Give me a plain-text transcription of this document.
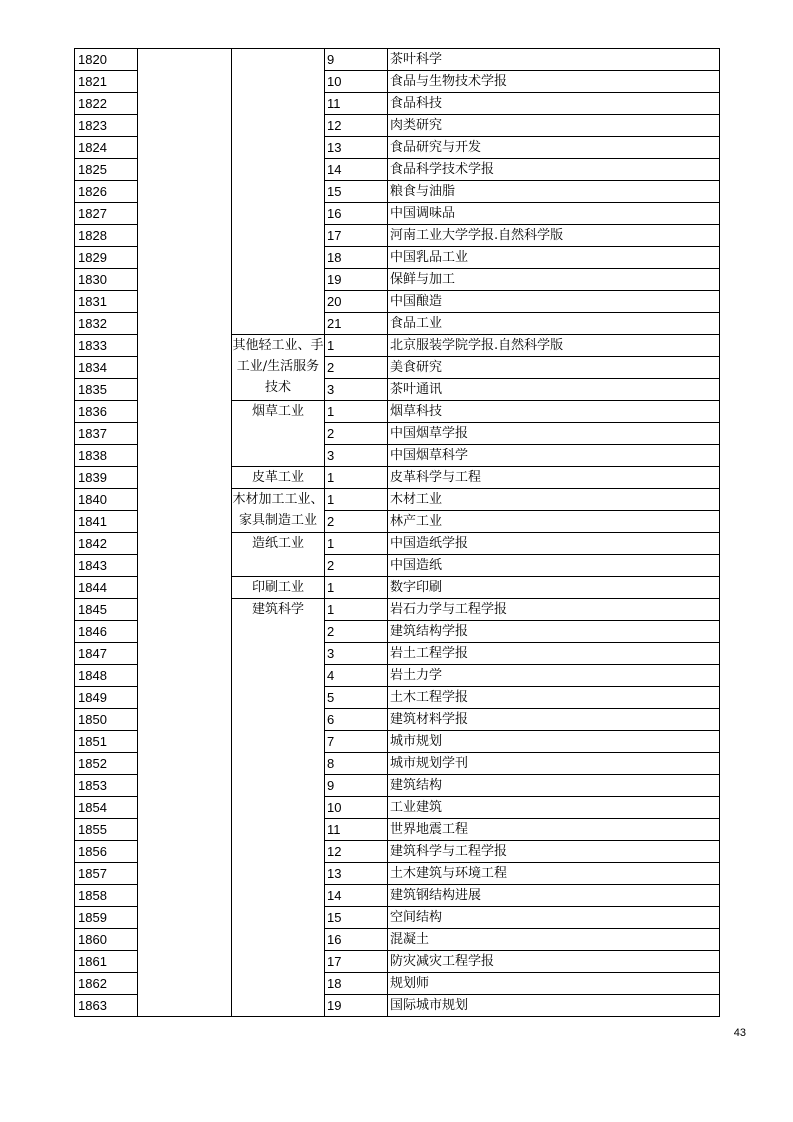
1820			9	茶叶科学
1821			10	食品与生物技术学报
1822			11	食品科技
1823			12	肉类研究
1824			13	食品研究与开发
1825			14	食品科学技术学报
1826			15	粮食与油脂
1827			16	中国调味品
1828			17	河南工业大学学报.自然科学版
1829			18	中国乳品工业
1830			19	保鲜与加工
1831			20	中国酿造
1832			21	食品工业
1833		其他轻工业、手工业/生活服务技术	1	北京服装学院学报.自然科学版
1834			2	美食研究
1835			3	茶叶通讯
1836		烟草工业	1	烟草科技
1837			2	中国烟草学报
1838			3	中国烟草科学
1839		皮革工业	1	皮革科学与工程
1840		木材加工工业、家具制造工业	1	木材工业
1841			2	林产工业
1842		造纸工业	1	中国造纸学报
1843			2	中国造纸
1844		印刷工业	1	数字印刷
1845		建筑科学	1	岩石力学与工程学报
1846			2	建筑结构学报
1847			3	岩土工程学报
1848			4	岩土力学
1849			5	土木工程学报
1850			6	建筑材料学报
1851			7	城市规划
1852			8	城市规划学刊
1853			9	建筑结构
1854			10	工业建筑
1855			11	世界地震工程
1856			12	建筑科学与工程学报
1857			13	土木建筑与环境工程
1858			14	建筑钢结构进展
1859			15	空间结构
1860			16	混凝土
1861			17	防灾减灾工程学报
1862			18	规划师
1863			19	国际城市规划
43
